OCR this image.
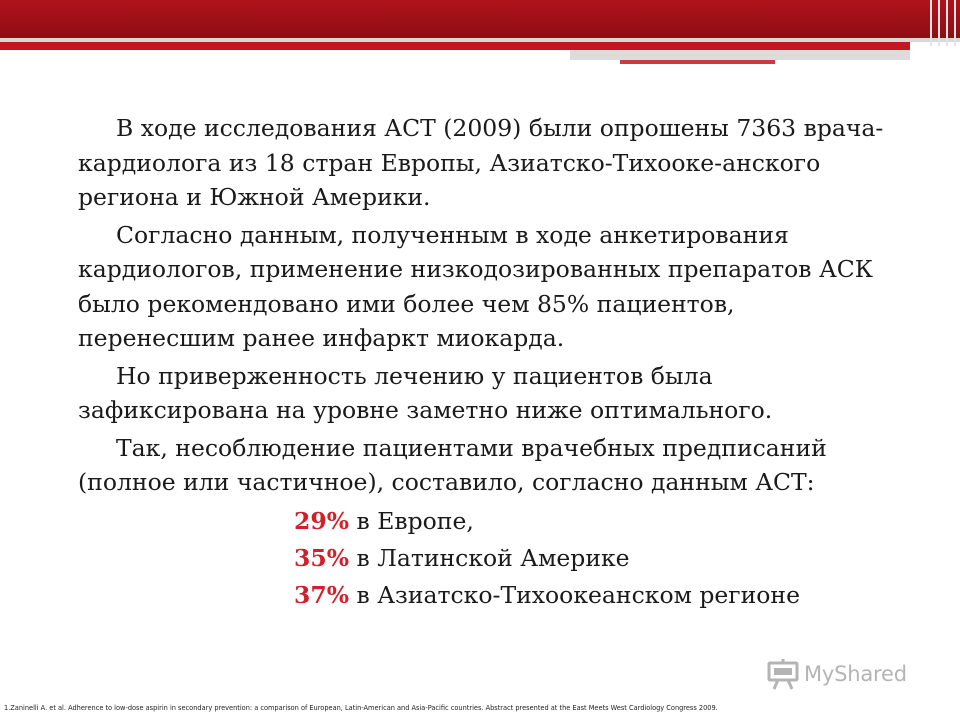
В ходе исследования АСТ (2009) были опрошены 7363 врача-кардиолога из 18 стран Европы, Азиатско-Тихооке-анского региона и Южной Америки.

Согласно данным, полученным в ходе анкетирования кардиологов, применение низкодозированных препаратов АСК было рекомендовано ими более чем 85% пациентов, перенесшим ранее инфаркт миокарда.

Но приверженность лечению у пациентов была зафиксирована на уровне заметно ниже оптимального.

Так, несоблюдение пациентами врачебных предписаний (полное или частичное), составило, согласно данным АСТ:

29% в Европе,

35% в Латинской Америке

37% в Азиатско-Тихоокеанском регионе

MyShared
1.Zaninelli A. et al. Adherence to low-dose aspirin in secondary prevention: a comparison of European, Latin-American and Asia-Pacific countries. Abstract presented at the East Meets West Cardiology Congress 2009.
